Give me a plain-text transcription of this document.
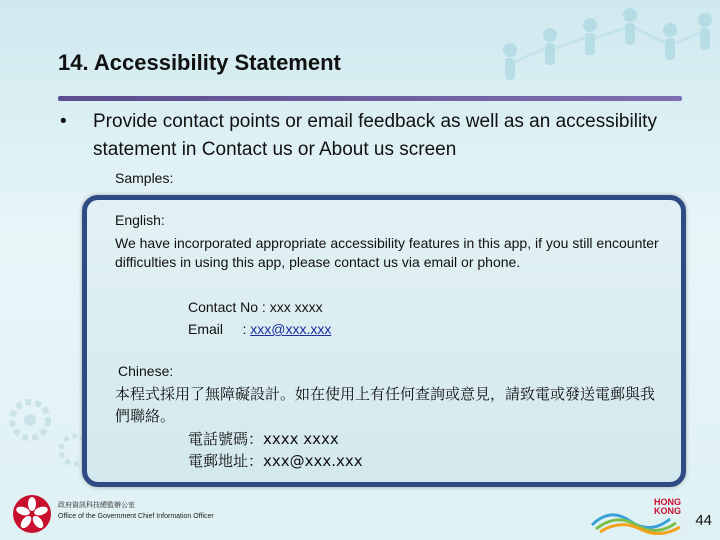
14. Accessibility Statement
•	Provide contact points or email feedback as well as an accessibility statement in Contact us or About us screen
Samples:
English:
We have incorporated appropriate accessibility features in this app, if you still encounter difficulties in using this app, please contact us via email or phone.
Contact No : xxx xxxx
Email     : xxx@xxx.xxx
Chinese:
本程式採用了無障礙設計。如在使用上有任何查詢或意見，請致電或發送電郵與我們聯絡。
電話號碼：xxxx xxxx
電郵地址：xxx@xxx.xxx
政府資訊科技總監辦公室
Office of the Government Chief Information Officer
HONG
KONG
44
